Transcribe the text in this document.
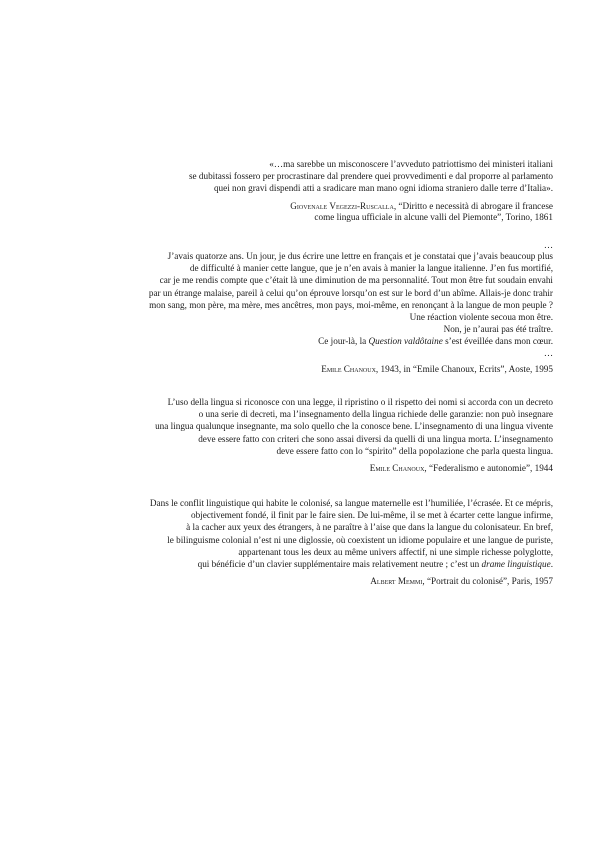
«…ma sarebbe un misconoscere l’avveduto patriottismo dei ministeri italiani

se dubitassi fossero per procrastinare dal prendere quei provvedimenti e dal proporre al parlamento

quei non gravi dispendi atti a sradicare man mano ogni idioma straniero dalle terre d’Italia».

Giovenale Vegezzi-Ruscalla, “Diritto e necessità di abrogare il francese
come lingua ufficiale in alcune valli del Piemonte”, Torino, 1861
…

J’avais quatorze ans. Un jour, je dus écrire une lettre en français et je constatai que j’avais beaucoup plus

de difficulté à manier cette langue, que je n’en avais à manier la langue italienne. J’en fus mortifié,

car je me rendis compte que c’était là une diminution de ma personnalité. Tout mon être fut soudain envahi

par un étrange malaise, pareil à celui qu’on éprouve lorsqu’on est sur le bord d’un abîme. Allais-je donc trahir

mon sang, mon père, ma mère, mes ancêtres, mon pays, moi-même, en renonçant à la langue de mon peuple ?

Une réaction violente secoua mon être.

Non, je n’aurai pas été traître.

Ce jour-là, la Question valdôtaine s’est éveillée dans mon cœur.

…
Emile Chanoux, 1943, in “Emile Chanoux, Ecrits”, Aoste, 1995

L’uso della lingua si riconosce con una legge, il ripristino o il rispetto dei nomi si accorda con un decreto

o una serie di decreti, ma l’insegnamento della lingua richiede delle garanzie: non può insegnare

una lingua qualunque insegnante, ma solo quello che la conosce bene. L’insegnamento di una lingua vivente

deve essere fatto con criteri che sono assai diversi da quelli di una lingua morta. L’insegnamento

deve essere fatto con lo “spirito” della popolazione che parla questa lingua.

Emile Chanoux, “Federalismo e autonomie”, 1944

Dans le conflit linguistique qui habite le colonisé, sa langue maternelle est l’humiliée, l’écrasée. Et ce mépris,

objectivement fondé, il finit par le faire sien. De lui-même, il se met à écarter cette langue infirme,

à la cacher aux yeux des étrangers, à ne paraître à l’aise que dans la langue du colonisateur. En bref,

le bilinguisme colonial n’est ni une diglossie, où coexistent un idiome populaire et une langue de puriste,

appartenant tous les deux au même univers affectif, ni une simple richesse polyglotte,

qui bénéficie d’un clavier supplémentaire mais relativement neutre ; c’est un drame linguistique.

Albert Memmi, “Portrait du colonisé”, Paris, 1957
